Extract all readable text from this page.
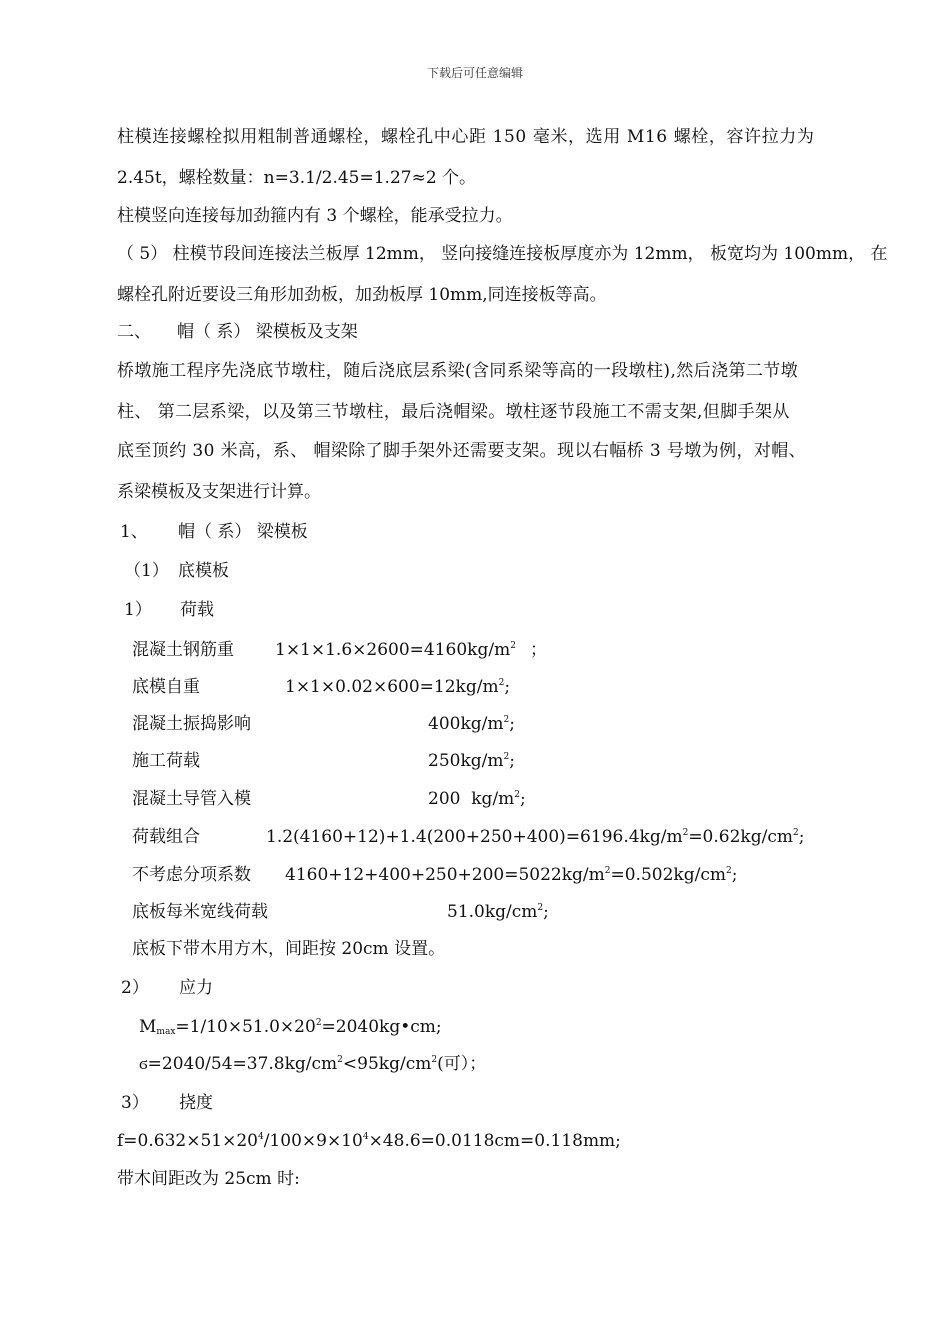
下载后可任意编辑
柱模连接螺栓拟用粗制普通螺栓，螺栓孔中心距 150 毫米，选用 M16 螺栓，容许拉力为
2.45t，螺栓数量：n=3.1/2.45=1.27≈2 个。
柱模竖向连接每加劲箍内有 3 个螺栓，能承受拉力。
（ 5） 柱模节段间连接法兰板厚 12mm， 竖向接缝连接板厚度亦为 12mm， 板宽均为 100mm， 在
螺栓孔附近要设三角形加劲板，加劲板厚 10mm,同连接板等高。
二、 帽（ 系） 梁模板及支架
桥墩施工程序先浇底节墩柱，随后浇底层系梁(含同系梁等高的一段墩柱),然后浇第二节墩
柱、 第二层系梁，以及第三节墩柱，最后浇帽梁。墩柱逐节段施工不需支架,但脚手架从
底至顶约 30 米高，系、 帽梁除了脚手架外还需要支架。现以右幅桥 3 号墩为例，对帽、
系梁模板及支架进行计算。
1、 帽（ 系） 梁模板
（1） 底模板
1） 荷载
混凝土钢筋重 $1\times 1\times 1.6\times 2600=4160kg/m^2$ ；
底模自重	$1\times 1\times 0.02\times 600=12kg/m^2$;
混凝土振捣影响	$400kg/m^2$;
施工荷载	$250kg/m^2$;
混凝土导管入模	200  $kg/m^2$;
荷载组合	$1.2(4160+12)+1.4(200+250+400)=6196.4kg/m^2=0.62kg/cm^2$;
不考虑分项系数 $4160+12+400+250+200=5022kg/m^2=0.502kg/cm^2$;
底板每米宽线荷载	$51.0kg/cm^2$;
底板下带木用方木，间距按 20cm 设置。
2） 应力
$M_{max}=1/10\times 51.0\times 20^2=2040kg•cm$;
$ϭ=2040/54=37.8kg/cm^2<95kg/cm^2$(可）；
3） 挠度
$f=0.632\times 51\times 20^4/100\times 9\times 10^4\times 48.6=0.0118cm=0.118mm$;
带木间距改为 25cm 时:
